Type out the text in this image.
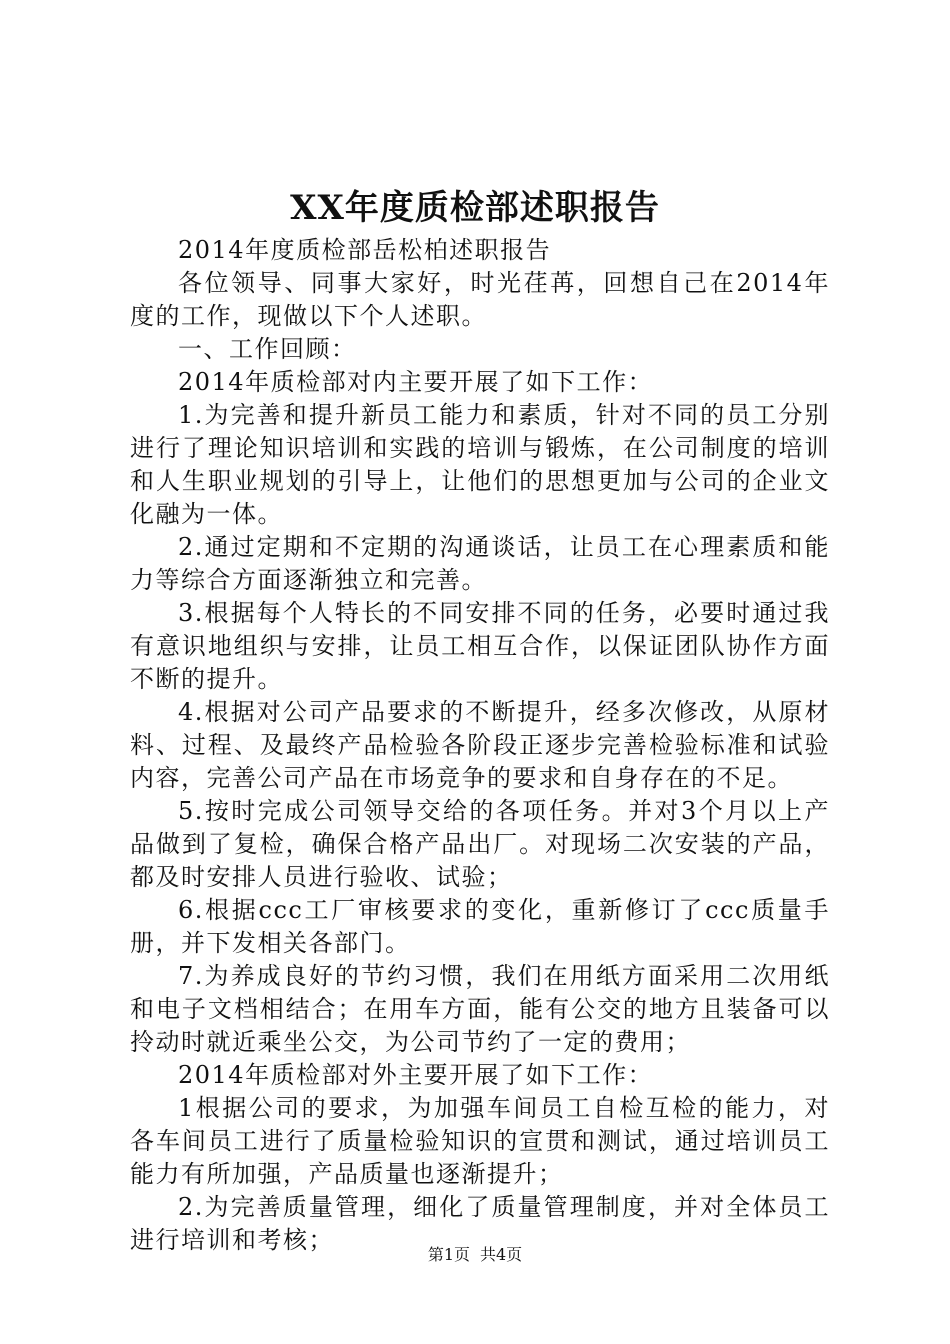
XX年度质检部述职报告

2014年度质检部岳松柏述职报告

各位领导、同事大家好，时光荏苒，回想自己在2014年度的工作，现做以下个人述职。

一、工作回顾：

2014年质检部对内主要开展了如下工作：

1.为完善和提升新员工能力和素质，针对不同的员工分别进行了理论知识培训和实践的培训与锻炼，在公司制度的培训和人生职业规划的引导上，让他们的思想更加与公司的企业文化融为一体。

2.通过定期和不定期的沟通谈话，让员工在心理素质和能力等综合方面逐渐独立和完善。

3.根据每个人特长的不同安排不同的任务，必要时通过我有意识地组织与安排，让员工相互合作，以保证团队协作方面不断的提升。

4.根据对公司产品要求的不断提升，经多次修改，从原材料、过程、及最终产品检验各阶段正逐步完善检验标准和试验内容，完善公司产品在市场竞争的要求和自身存在的不足。

5.按时完成公司领导交给的各项任务。并对3个月以上产品做到了复检，确保合格产品出厂。对现场二次安装的产品，都及时安排人员进行验收、试验；

6.根据ccc工厂审核要求的变化，重新修订了ccc质量手册，并下发相关各部门。

7.为养成良好的节约习惯，我们在用纸方面采用二次用纸和电子文档相结合；在用车方面，能有公交的地方且装备可以拎动时就近乘坐公交，为公司节约了一定的费用；

2014年质检部对外主要开展了如下工作：

1根据公司的要求，为加强车间员工自检互检的能力，对各车间员工进行了质量检验知识的宣贯和测试，通过培训员工能力有所加强，产品质量也逐渐提升；

2.为完善质量管理，细化了质量管理制度，并对全体员工进行培训和考核；

第1页 共4页
